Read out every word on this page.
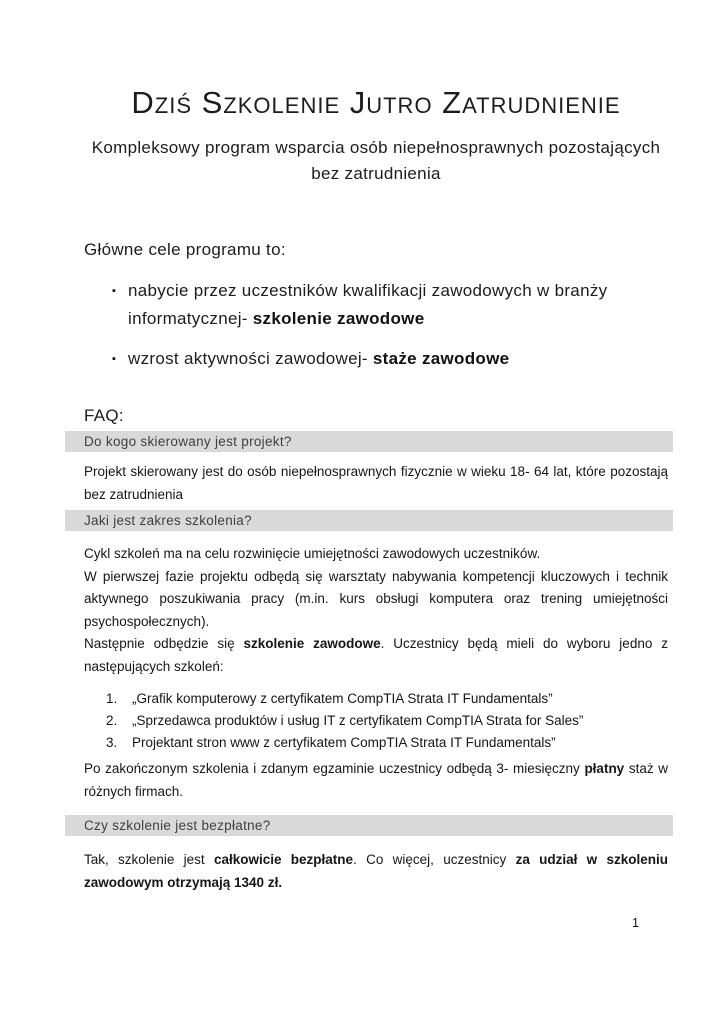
Dziś Szkolenie Jutro Zatrudnienie

Kompleksowy program wsparcia osób niepełnosprawnych pozostających bez zatrudnienia

Główne cele programu to:

▪ nabycie przez uczestników kwalifikacji zawodowych w branży informatycznej- szkolenie zawodowe
▪ wzrost aktywności zawodowej- staże zawodowe

FAQ:

Do kogo skierowany jest projekt?

Projekt skierowany jest do osób niepełnosprawnych fizycznie w wieku 18- 64 lat, które pozostają bez zatrudnienia

Jaki jest zakres szkolenia?

Cykl szkoleń ma na celu rozwinięcie umiejętności zawodowych uczestników.

W pierwszej fazie projektu odbędą się warsztaty nabywania kompetencji kluczowych i technik aktywnego poszukiwania pracy (m.in. kurs obsługi komputera oraz trening umiejętności psychospołecznych).

Następnie odbędzie się szkolenie zawodowe. Uczestnicy będą mieli do wyboru jedno z następujących szkoleń:

1.	„Grafik komputerowy z certyfikatem CompTIA Strata IT Fundamentals”
2.	„Sprzedawca produktów i usług IT z certyfikatem CompTIA Strata for Sales”
3.	Projektant stron www z certyfikatem CompTIA Strata IT Fundamentals”

Po zakończonym szkolenia i zdanym egzaminie uczestnicy odbędą 3- miesięczny płatny staż w różnych firmach.

Czy szkolenie jest bezpłatne?

Tak, szkolenie jest całkowicie bezpłatne. Co więcej, uczestnicy za udział w szkoleniu zawodowym otrzymają 1340 zł.

1
